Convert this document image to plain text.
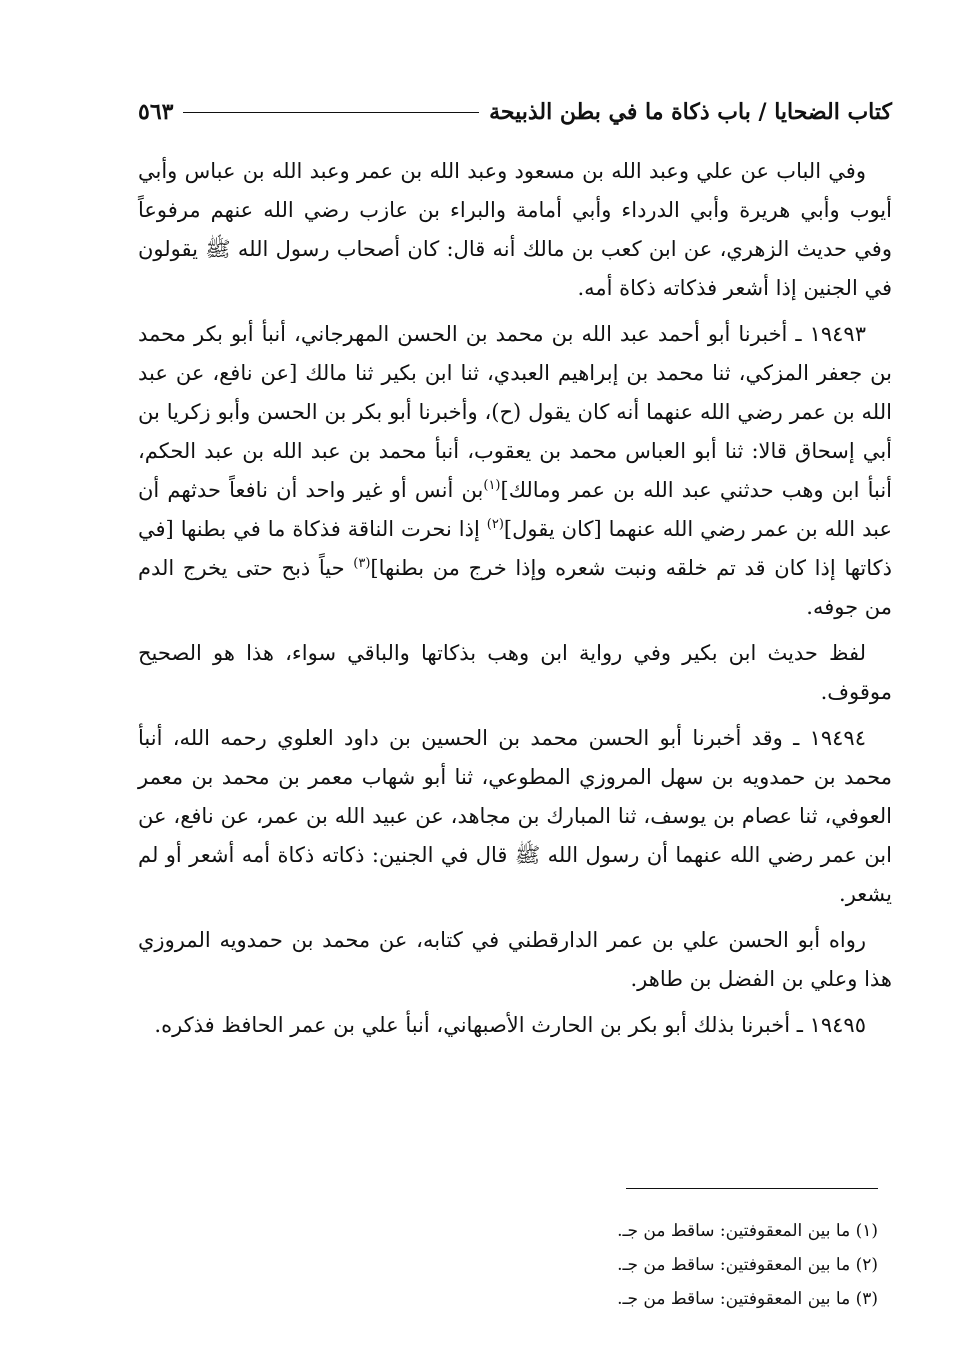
كتاب الضحايا / باب ذكاة ما في بطن الذبيحة
٥٦٣

وفي الباب عن علي وعبد الله بن مسعود وعبد الله بن عمر وعبد الله بن عباس وأبي أيوب وأبي هريرة وأبي الدرداء وأبي أمامة والبراء بن عازب رضي الله عنهم مرفوعاً وفي حديث الزهري، عن ابن كعب بن مالك أنه قال: كان أصحاب رسول الله ﷺ يقولون في الجنين إذا أشعر فذكاته ذكاة أمه.

١٩٤٩٣ ـ أخبرنا أبو أحمد عبد الله بن محمد بن الحسن المهرجاني، أنبأ أبو بكر محمد بن جعفر المزكي، ثنا محمد بن إبراهيم العبدي، ثنا ابن بكير ثنا مالك [عن نافع، عن عبد الله بن عمر رضي الله عنهما أنه كان يقول (ح)، وأخبرنا أبو بكر بن الحسن وأبو زكريا بن أبي إسحاق قالا: ثنا أبو العباس محمد بن يعقوب، أنبأ محمد بن عبد الله بن عبد الحكم، أنبأ ابن وهب حدثني عبد الله بن عمر ومالك]$^{(١)}$بن أنس أو غير واحد أن نافعاً حدثهم أن عبد الله بن عمر رضي الله عنهما [كان يقول]$^{(٢)}$ إذا نحرت الناقة فذكاة ما في بطنها [في ذكاتها إذا كان قد تم خلقه ونبت شعره وإذا خرج من بطنها]$^{(٣)}$ حياً ذبح حتى يخرج الدم من جوفه.

لفظ حديث ابن بكير وفي رواية ابن وهب بذكاتها والباقي سواء، هذا هو الصحيح موقوف.

١٩٤٩٤ ـ وقد أخبرنا أبو الحسن محمد بن الحسين بن داود العلوي رحمه الله، أنبأ محمد بن حمدويه بن سهل المروزي المطوعي، ثنا أبو شهاب معمر بن محمد بن معمر العوفي، ثنا عصام بن يوسف، ثنا المبارك بن مجاهد، عن عبيد الله بن عمر، عن نافع، عن ابن عمر رضي الله عنهما أن رسول الله ﷺ قال في الجنين: ذكاته ذكاة أمه أشعر أو لم يشعر.

رواه أبو الحسن علي بن عمر الدارقطني في كتابه، عن محمد بن حمدويه المروزي هذا وعلي بن الفضل بن طاهر.

١٩٤٩٥ ـ أخبرنا بذلك أبو بكر بن الحارث الأصبهاني، أنبأ علي بن عمر الحافظ فذكره.

(١) ما بين المعقوفتين: ساقط من جـ.

(٢) ما بين المعقوفتين: ساقط من جـ.

(٣) ما بين المعقوفتين: ساقط من جـ.
